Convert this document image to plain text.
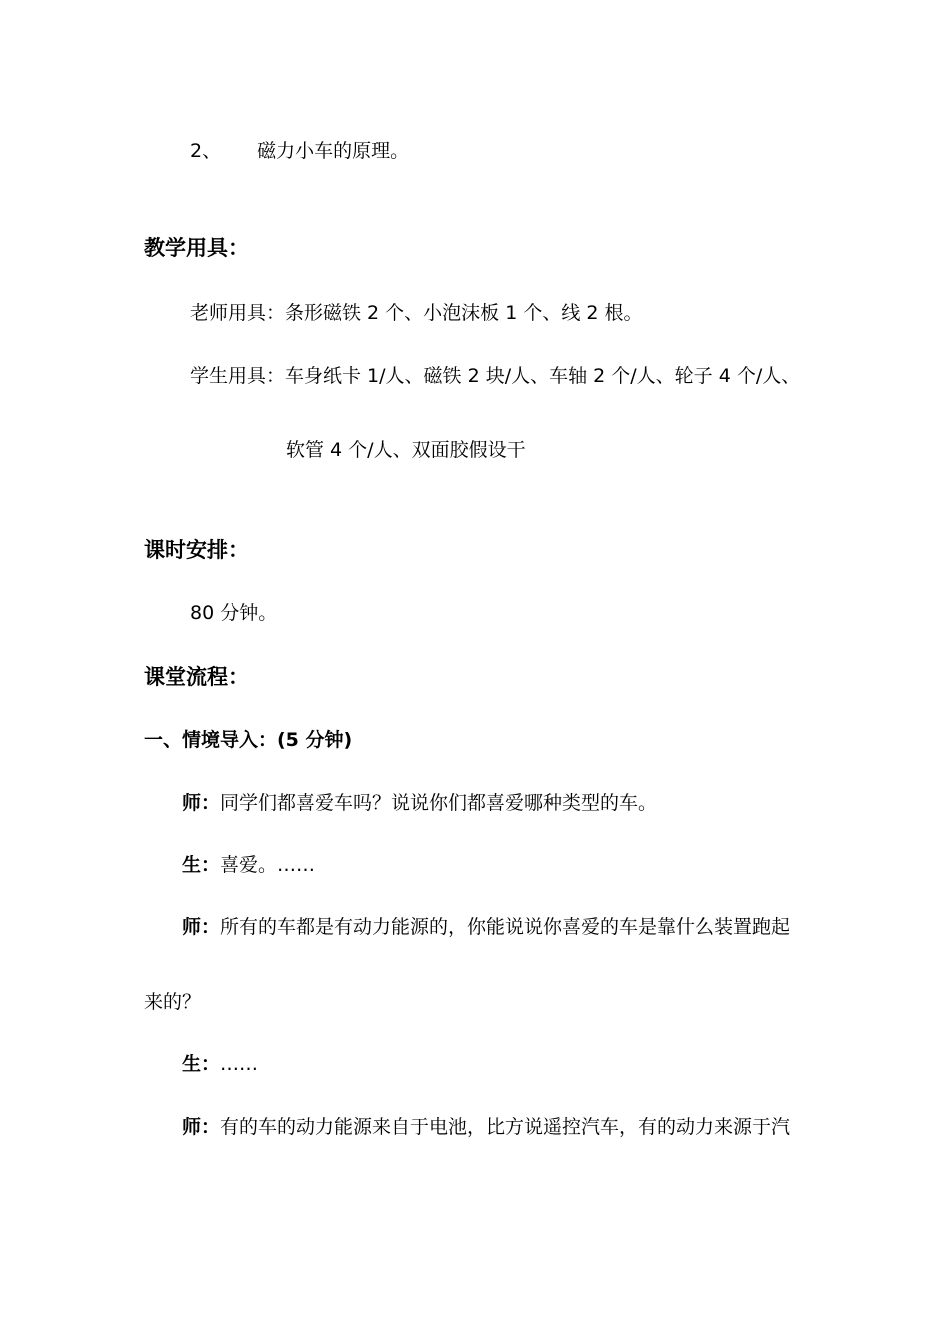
2、 磁力小车的原理。
教学用具：
老师用具：条形磁铁 2 个、小泡沫板 1 个、线 2 根。
学生用具：车身纸卡 1/人、磁铁 2 块/人、车轴 2 个/人、轮子 4 个/人、
软管 4 个/人、双面胶假设干
课时安排：
80 分钟。
课堂流程：
一、情境导入：(5 分钟)
师：同学们都喜爱车吗？说说你们都喜爱哪种类型的车。
生：喜爱。……
师：所有的车都是有动力能源的，你能说说你喜爱的车是靠什么装置跑起
来的？
生：……
师：有的车的动力能源来自于电池，比方说遥控汽车，有的动力来源于汽
